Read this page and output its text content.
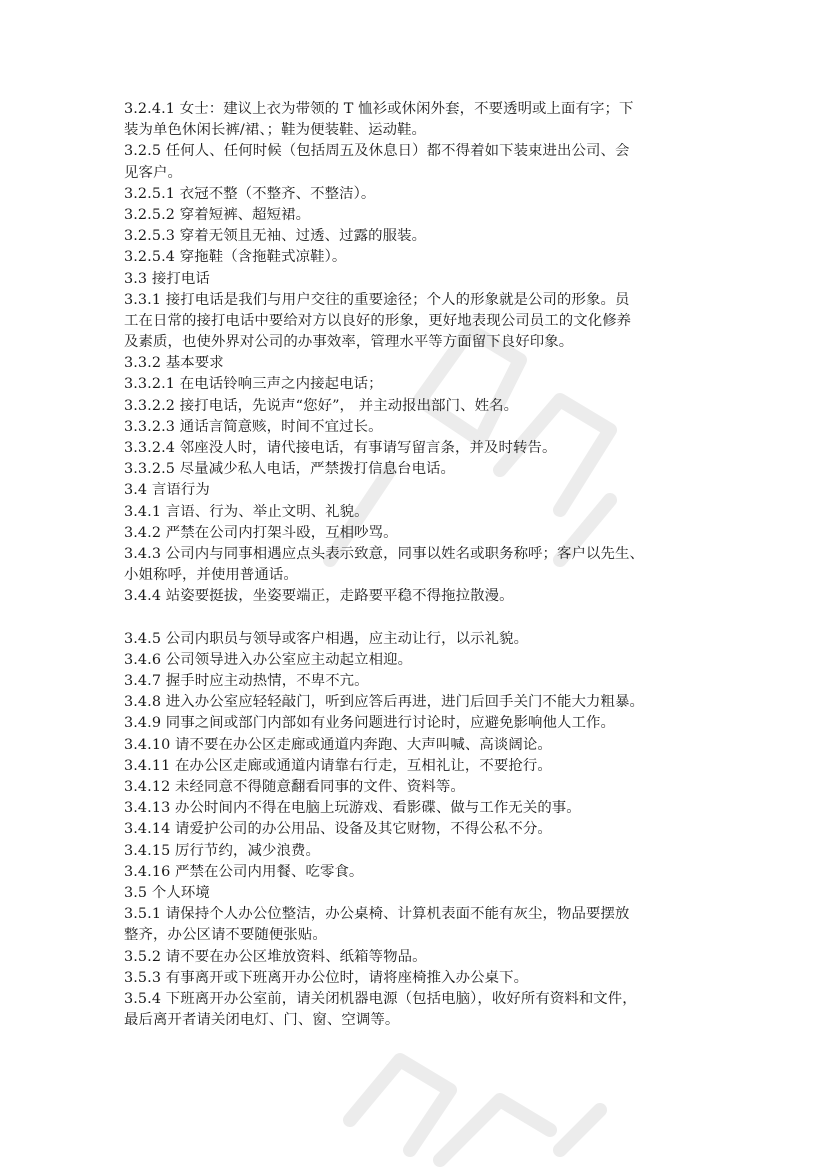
3.2.4.1 女士：建议上衣为带领的 T 恤衫或休闲外套，不要透明或上面有字；下
装为单色休闲长裤/裙、；鞋为便装鞋、运动鞋。
3.2.5 任何人、任何时候（包括周五及休息日）都不得着如下装束进出公司、会
见客户。
3.2.5.1 衣冠不整（不整齐、不整洁）。
3.2.5.2 穿着短裤、超短裙。
3.2.5.3 穿着无领且无袖、过透、过露的服装。
3.2.5.4 穿拖鞋（含拖鞋式凉鞋）。
3.3 接打电话
3.3.1 接打电话是我们与用户交往的重要途径；个人的形象就是公司的形象。员
工在日常的接打电话中要给对方以良好的形象，更好地表现公司员工的文化修养
及素质，也使外界对公司的办事效率，管理水平等方面留下良好印象。
3.3.2 基本要求
3.3.2.1 在电话铃响三声之内接起电话；
3.3.2.2 接打电话，先说声“您好”， 并主动报出部门、姓名。
3.3.2.3 通话言简意赅，时间不宜过长。
3.3.2.4 邻座没人时，请代接电话，有事请写留言条，并及时转告。
3.3.2.5 尽量减少私人电话，严禁拨打信息台电话。
3.4 言语行为
3.4.1 言语、行为、举止文明、礼貌。
3.4.2 严禁在公司内打架斗殴，互相吵骂。
3.4.3 公司内与同事相遇应点头表示致意，同事以姓名或职务称呼；客户以先生、
小姐称呼，并使用普通话。
3.4.4 站姿要挺拔，坐姿要端正，走路要平稳不得拖拉散漫。
3.4.5 公司内职员与领导或客户相遇，应主动让行，以示礼貌。
3.4.6 公司领导进入办公室应主动起立相迎。
3.4.7 握手时应主动热情，不卑不亢。
3.4.8 进入办公室应轻轻敲门，听到应答后再进，进门后回手关门不能大力粗暴。
3.4.9 同事之间或部门内部如有业务问题进行讨论时，应避免影响他人工作。
3.4.10 请不要在办公区走廊或通道内奔跑、大声叫喊、高谈阔论。
3.4.11 在办公区走廊或通道内请靠右行走，互相礼让，不要抢行。
3.4.12 未经同意不得随意翻看同事的文件、资料等。
3.4.13 办公时间内不得在电脑上玩游戏、看影碟、做与工作无关的事。
3.4.14 请爱护公司的办公用品、设备及其它财物，不得公私不分。
3.4.15 厉行节约，减少浪费。
3.4.16 严禁在公司内用餐、吃零食。
3.5 个人环境
3.5.1 请保持个人办公位整洁，办公桌椅、计算机表面不能有灰尘，物品要摆放
整齐，办公区请不要随便张贴。
3.5.2 请不要在办公区堆放资料、纸箱等物品。
3.5.3 有事离开或下班离开办公位时，请将座椅推入办公桌下。
3.5.4 下班离开办公室前，请关闭机器电源（包括电脑），收好所有资料和文件，
最后离开者请关闭电灯、门、窗、空调等。
